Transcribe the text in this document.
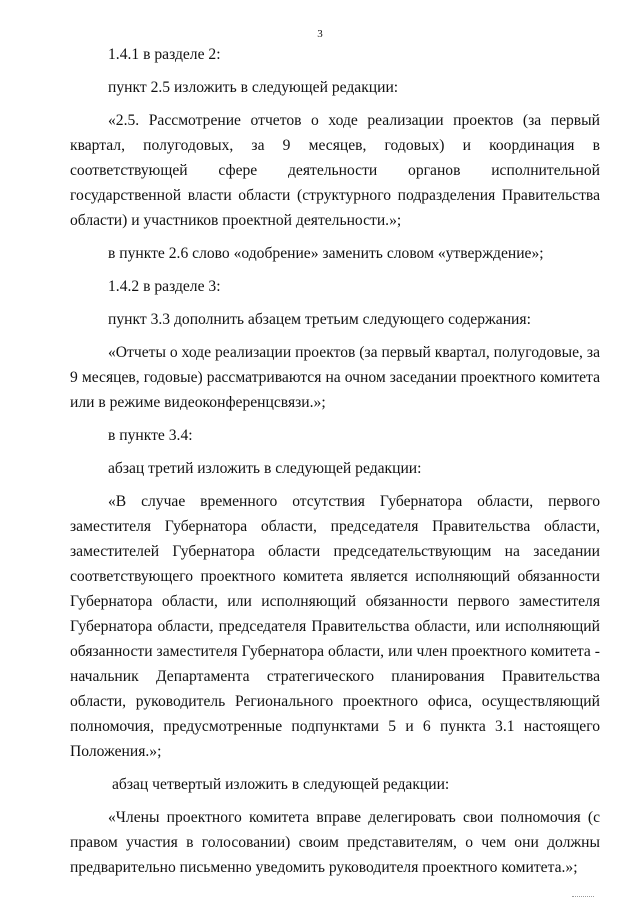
3

1.4.1 в разделе 2:

пункт 2.5 изложить в следующей редакции:

«2.5. Рассмотрение отчетов о ходе реализации проектов (за первый квартал, полугодовых, за 9 месяцев, годовых) и координация в соответствующей сфере деятельности органов исполнительной государственной власти области (структурного подразделения Правительства области) и участников проектной деятельности.»;

в пункте 2.6 слово «одобрение» заменить словом «утверждение»;

1.4.2 в разделе 3:

пункт 3.3 дополнить абзацем третьим следующего содержания:

«Отчеты о ходе реализации проектов (за первый квартал, полугодовые, за 9 месяцев, годовые) рассматриваются на очном заседании проектного комитета или в режиме видеоконференцсвязи.»;

в пункте 3.4:

абзац третий изложить в следующей редакции:

«В случае временного отсутствия Губернатора области, первого заместителя Губернатора области, председателя Правительства области, заместителей Губернатора области председательствующим на заседании соответствующего проектного комитета является исполняющий обязанности Губернатора области, или исполняющий обязанности первого заместителя Губернатора области, председателя Правительства области, или исполняющий обязанности заместителя Губернатора области, или член проектного комитета - начальник Департамента стратегического планирования Правительства области, руководитель Регионального проектного офиса, осуществляющий полномочия, предусмотренные подпунктами 5 и 6 пункта 3.1 настоящего Положения.»;

абзац четвертый изложить в следующей редакции:

«Члены проектного комитета вправе делегировать свои полномочия (с правом участия в голосовании) своим представителям, о чем они должны предварительно письменно уведомить руководителя проектного комитета.»;
